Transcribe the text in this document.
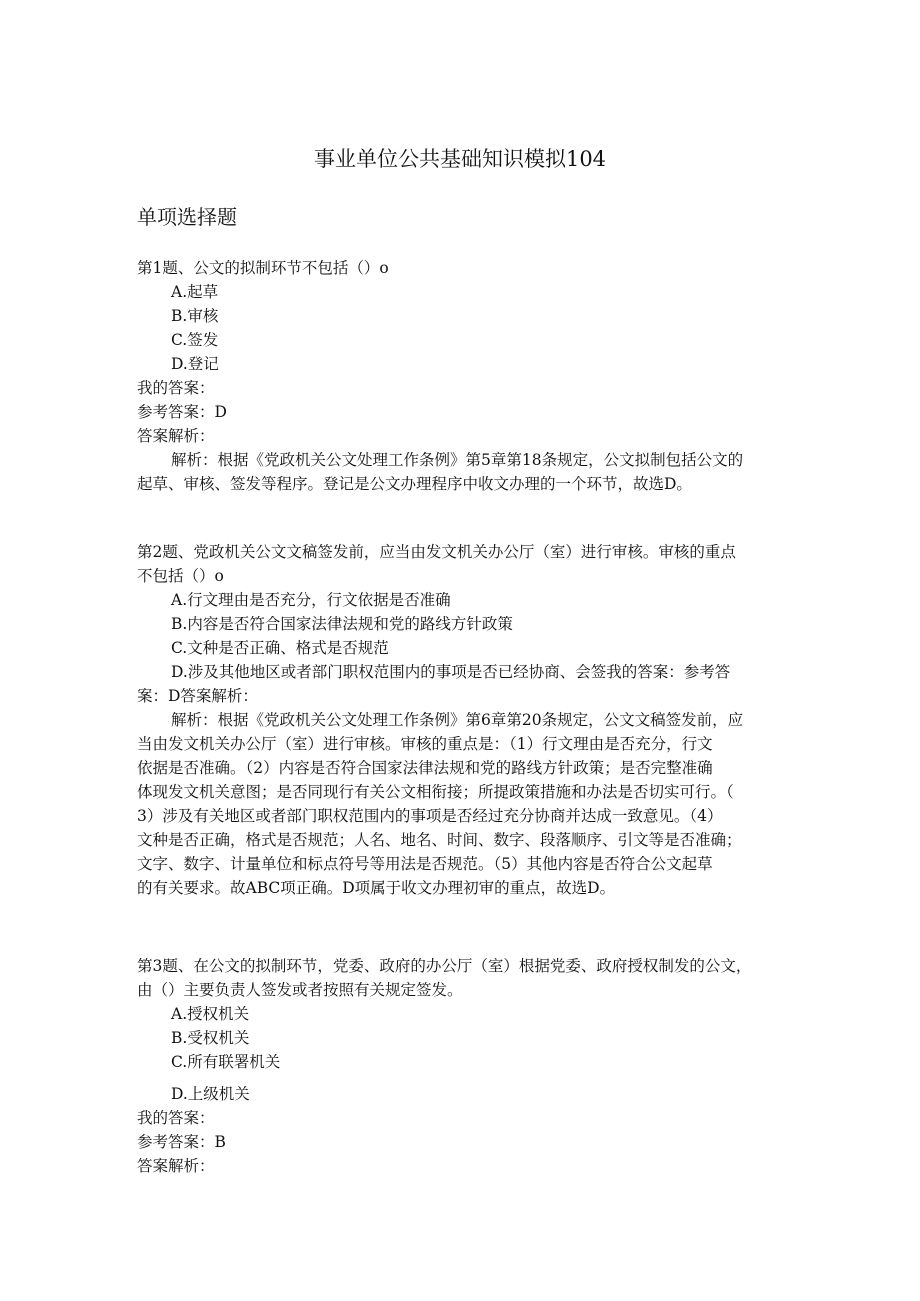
事业单位公共基础知识模拟104
单项选择题
第1题、公文的拟制环节不包括（）o
A.起草
B.审核
C.签发
D.登记
我的答案：
参考答案：D
答案解析：
解析：根据《党政机关公文处理工作条例》第5章第18条规定，公文拟制包括公文的
起草、审核、签发等程序。登记是公文办理程序中收文办理的一个环节，故选D。
第2题、党政机关公文文稿签发前，应当由发文机关办公厅（室）进行审核。审核的重点
不包括（）o
A.行文理由是否充分，行文依据是否准确
B.内容是否符合国家法律法规和党的路线方针政策
C.文种是否正确、格式是否规范
D.涉及其他地区或者部门职权范围内的事项是否已经协商、会签我的答案：参考答
案：D答案解析：
解析：根据《党政机关公文处理工作条例》第6章第20条规定，公文文稿签发前，应
当由发文机关办公厅（室）进行审核。审核的重点是：（1）行文理由是否充分，行文
依据是否准确。（2）内容是否符合国家法律法规和党的路线方针政策；是否完整准确
体现发文机关意图；是否同现行有关公文相衔接；所提政策措施和办法是否切实可行。（
3）涉及有关地区或者部门职权范围内的事项是否经过充分协商并达成一致意见。（4）
文种是否正确，格式是否规范；人名、地名、时间、数字、段落顺序、引文等是否准确；
文字、数字、计量单位和标点符号等用法是否规范。（5）其他内容是否符合公文起草
的有关要求。故ABC项正确。D项属于收文办理初审的重点，故选D。
第3题、在公文的拟制环节，党委、政府的办公厅（室）根据党委、政府授权制发的公文，
由（）主要负责人签发或者按照有关规定签发。
A.授权机关
B.受权机关
C.所有联署机关
D.上级机关
我的答案：
参考答案：B
答案解析：
